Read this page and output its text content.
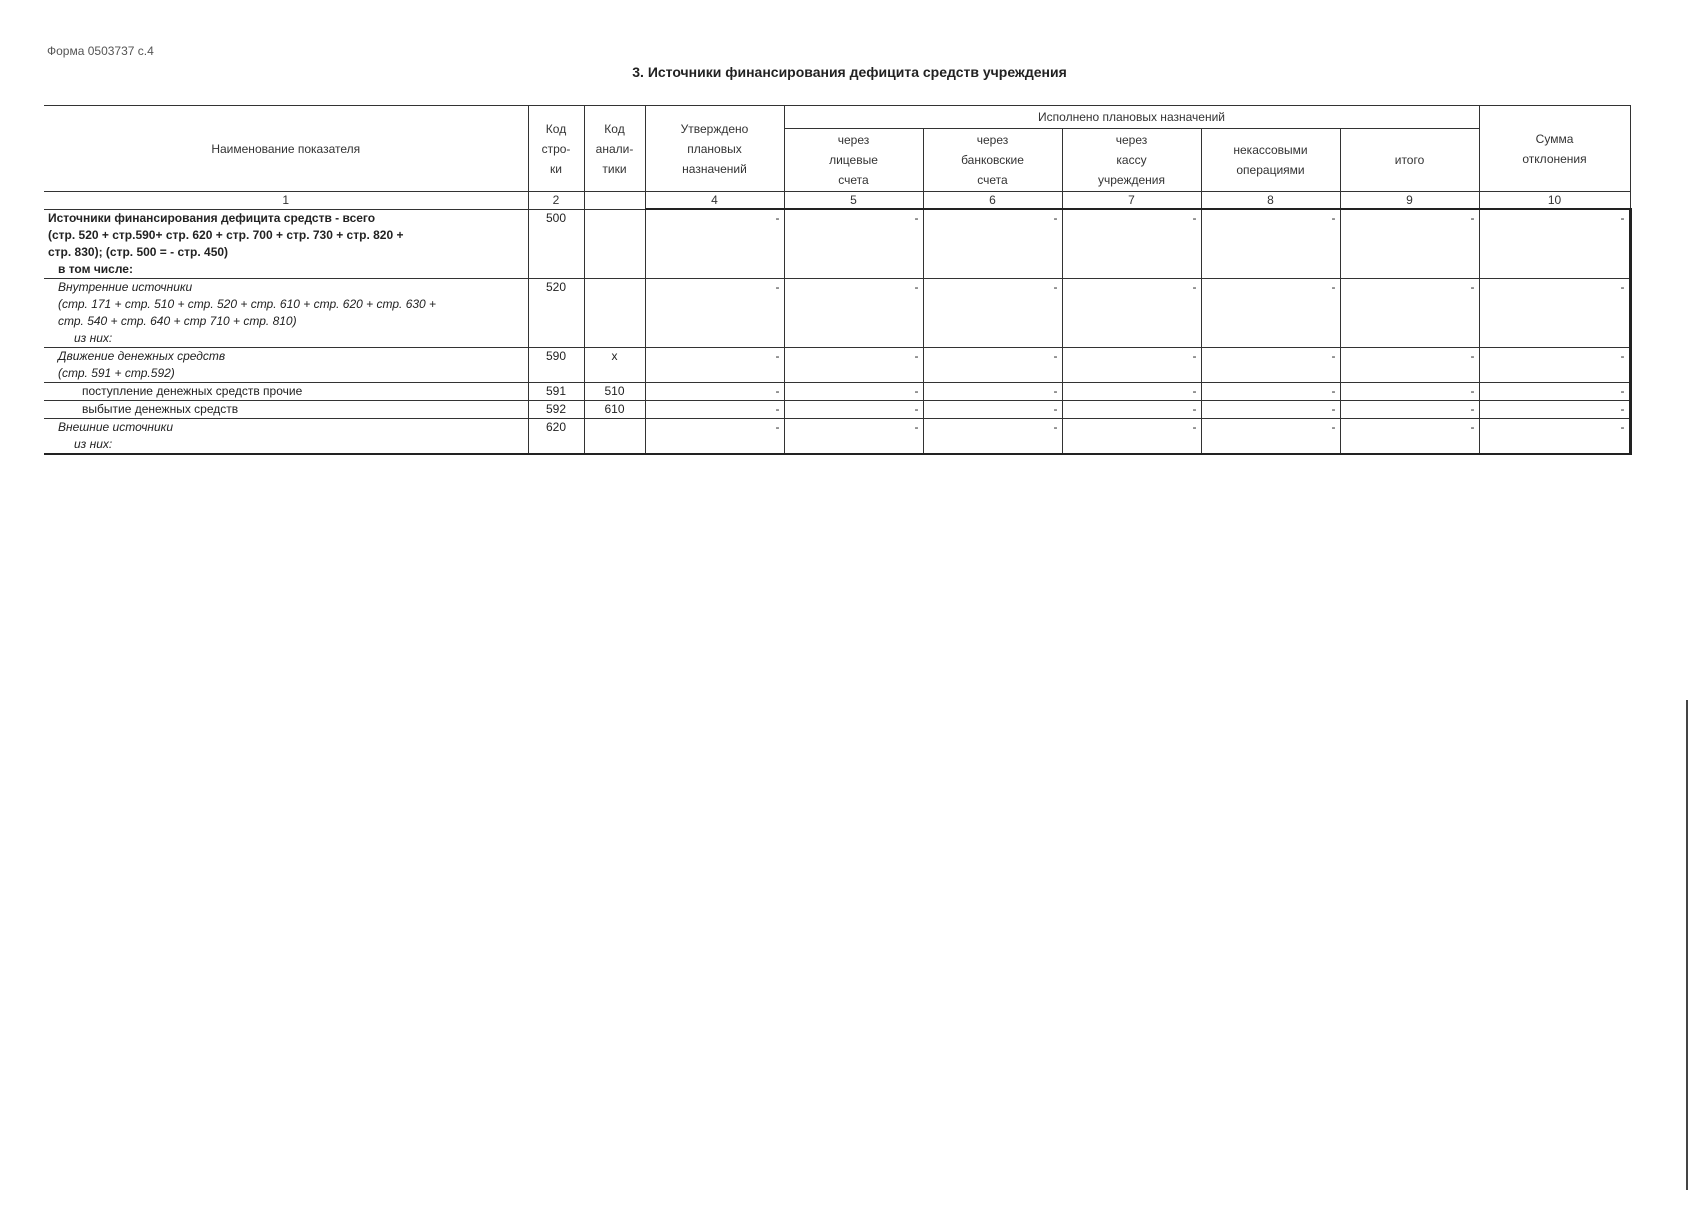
Форма 0503737 с.4
3. Источники финансирования дефицита средств учреждения
Наименование показателя	Код
стро-
ки	Код
анали-
тики	Утверждено
плановых
назначений	Исполнено плановых назначений					Сумма
отклонения

				через
лицевые
счета	через
банковские
счета	через
кассу
учреждения	некассовыми
операциями	итого	
1	2		4	5	6	7	8	9	10

Источники финансирования дефицита средств - всего
(стр. 520 + стр.590+ стр. 620 + стр. 700 + стр. 730 + стр. 820 +
стр. 830); (стр. 500 = - стр. 450)
в том числе:	500		-	-	-	-	-	-	-

Внутренние источники
(стр. 171 + стр. 510 + стр. 520 + стр. 610 + стр. 620 + стр. 630 +
стр. 540 + стр. 640 + стр 710 + стр. 810)
из них:	520		-	-	-	-	-	-	-

Движение денежных средств
(стр. 591 + стр.592)	590	x	-	-	-	-	-	-	-

поступление денежных средств прочие	591	510	-	-	-	-	-	-	-

выбытие денежных средств	592	610	-	-	-	-	-	-	-

Внешние источники
из них:	620		-	-	-	-	-	-	-
